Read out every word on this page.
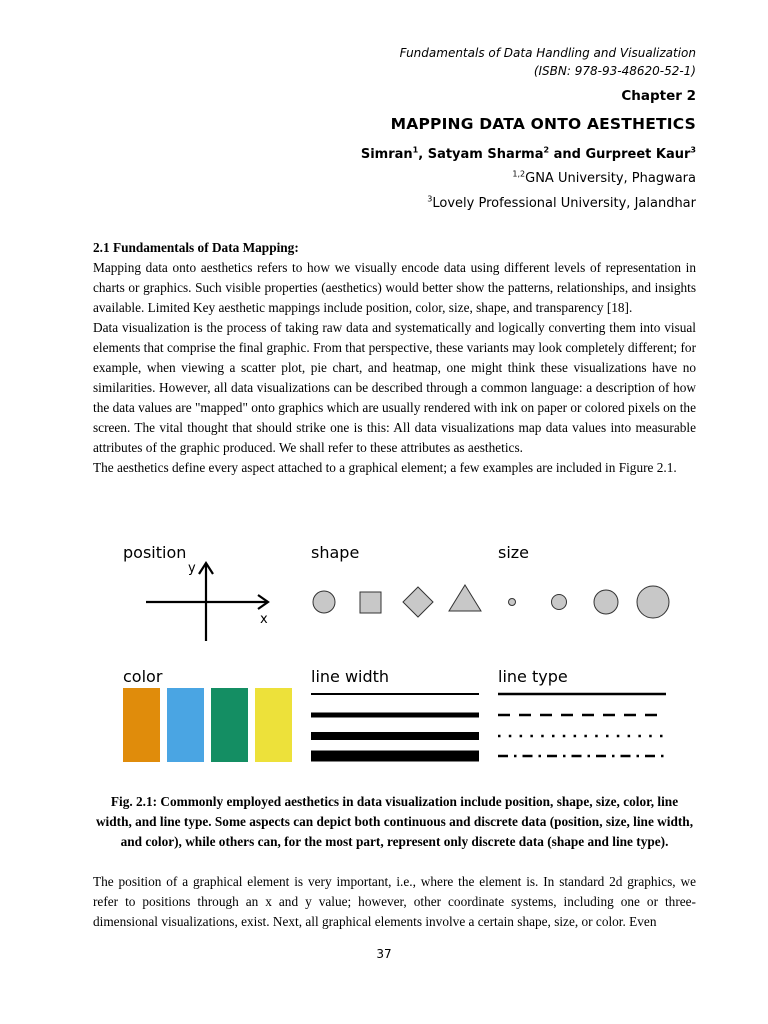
Fundamentals of Data Handling and Visualization
(ISBN: 978-93-48620-52-1)
Chapter 2
MAPPING DATA ONTO AESTHETICS
Simran$^1$, Satyam Sharma$^2$ and Gurpreet Kaur$^3$
$^{1,2}$GNA University, Phagwara
$^3$Lovely Professional University, Jalandhar
2.1 Fundamentals of Data Mapping:

Mapping data onto aesthetics refers to how we visually encode data using different levels of representation in charts or graphics. Such visible properties (aesthetics) would better show the patterns, relationships, and insights available. Limited Key aesthetic mappings include position, color, size, shape, and transparency [18].

Data visualization is the process of taking raw data and systematically and logically converting them into visual elements that comprise the final graphic. From that perspective, these variants may look completely different; for example, when viewing a scatter plot, pie chart, and heatmap, one might think these visualizations have no similarities. However, all data visualizations can be described through a common language: a description of how the data values are "mapped" onto graphics which are usually rendered with ink on paper or colored pixels on the screen. The vital thought that should strike one is this: All data visualizations map data values into measurable attributes of the graphic produced. We shall refer to these attributes as aesthetics.

The aesthetics define every aspect attached to a graphical element; a few examples are included in Figure 2.1.

position
y
x
shape	size
color	line width	line type
Fig. 2.1: Commonly employed aesthetics in data visualization include position, shape, size, color, line width, and line type. Some aspects can depict both continuous and discrete data (position, size, line width, and color), while others can, for the most part, represent only discrete data (shape and line type).
The position of a graphical element is very important, i.e., where the element is. In standard 2d graphics, we refer to positions through an x and y value; however, other coordinate systems, including one or three-dimensional visualizations, exist. Next, all graphical elements involve a certain shape, size, or color. Even
37
